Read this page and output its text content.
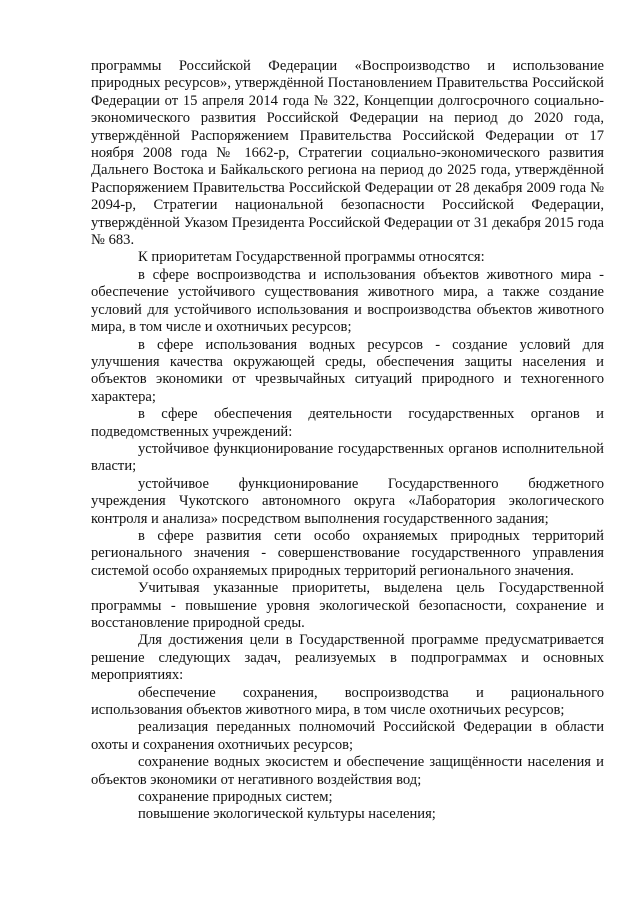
программы Российской Федерации «Воспроизводство и использование природных ресурсов», утверждённой Постановлением Правительства Российской Федерации от 15 апреля 2014 года № 322, Концепции долгосрочного социально-экономического развития Российской Федерации на период до 2020 года, утверждённой Распоряжением Правительства Российской Федерации от 17 ноября 2008 года № 1662-р, Стратегии социально-экономического развития Дальнего Востока и Байкальского региона на период до 2025 года, утверждённой Распоряжением Правительства Российской Федерации от 28 декабря 2009 года № 2094-р, Стратегии национальной безопасности Российской Федерации, утверждённой Указом Президента Российской Федерации от 31 декабря 2015 года № 683.

К приоритетам Государственной программы относятся:

в сфере воспроизводства и использования объектов животного мира - обеспечение устойчивого существования животного мира, а также создание условий для устойчивого использования и воспроизводства объектов животного мира, в том числе и охотничьих ресурсов;

в сфере использования водных ресурсов - создание условий для улучшения качества окружающей среды, обеспечения защиты населения и объектов экономики от чрезвычайных ситуаций природного и техногенного характера;

в сфере обеспечения деятельности государственных органов и подведомственных учреждений:

устойчивое функционирование государственных органов исполнительной власти;

устойчивое функционирование Государственного бюджетного учреждения Чукотского автономного округа «Лаборатория экологического контроля и анализа» посредством выполнения государственного задания;

в сфере развития сети особо охраняемых природных территорий регионального значения - совершенствование государственного управления системой особо охраняемых природных территорий регионального значения.

Учитывая указанные приоритеты, выделена цель Государственной программы - повышение уровня экологической безопасности, сохранение и восстановление природной среды.

Для достижения цели в Государственной программе предусматривается решение следующих задач, реализуемых в подпрограммах и основных мероприятиях:

обеспечение сохранения, воспроизводства и рационального использования объектов животного мира, в том числе охотничьих ресурсов;

реализация переданных полномочий Российской Федерации в области охоты и сохранения охотничьих ресурсов;

сохранение водных экосистем и обеспечение защищённости населения и объектов экономики от негативного воздействия вод;

сохранение природных систем;

повышение экологической культуры населения;
